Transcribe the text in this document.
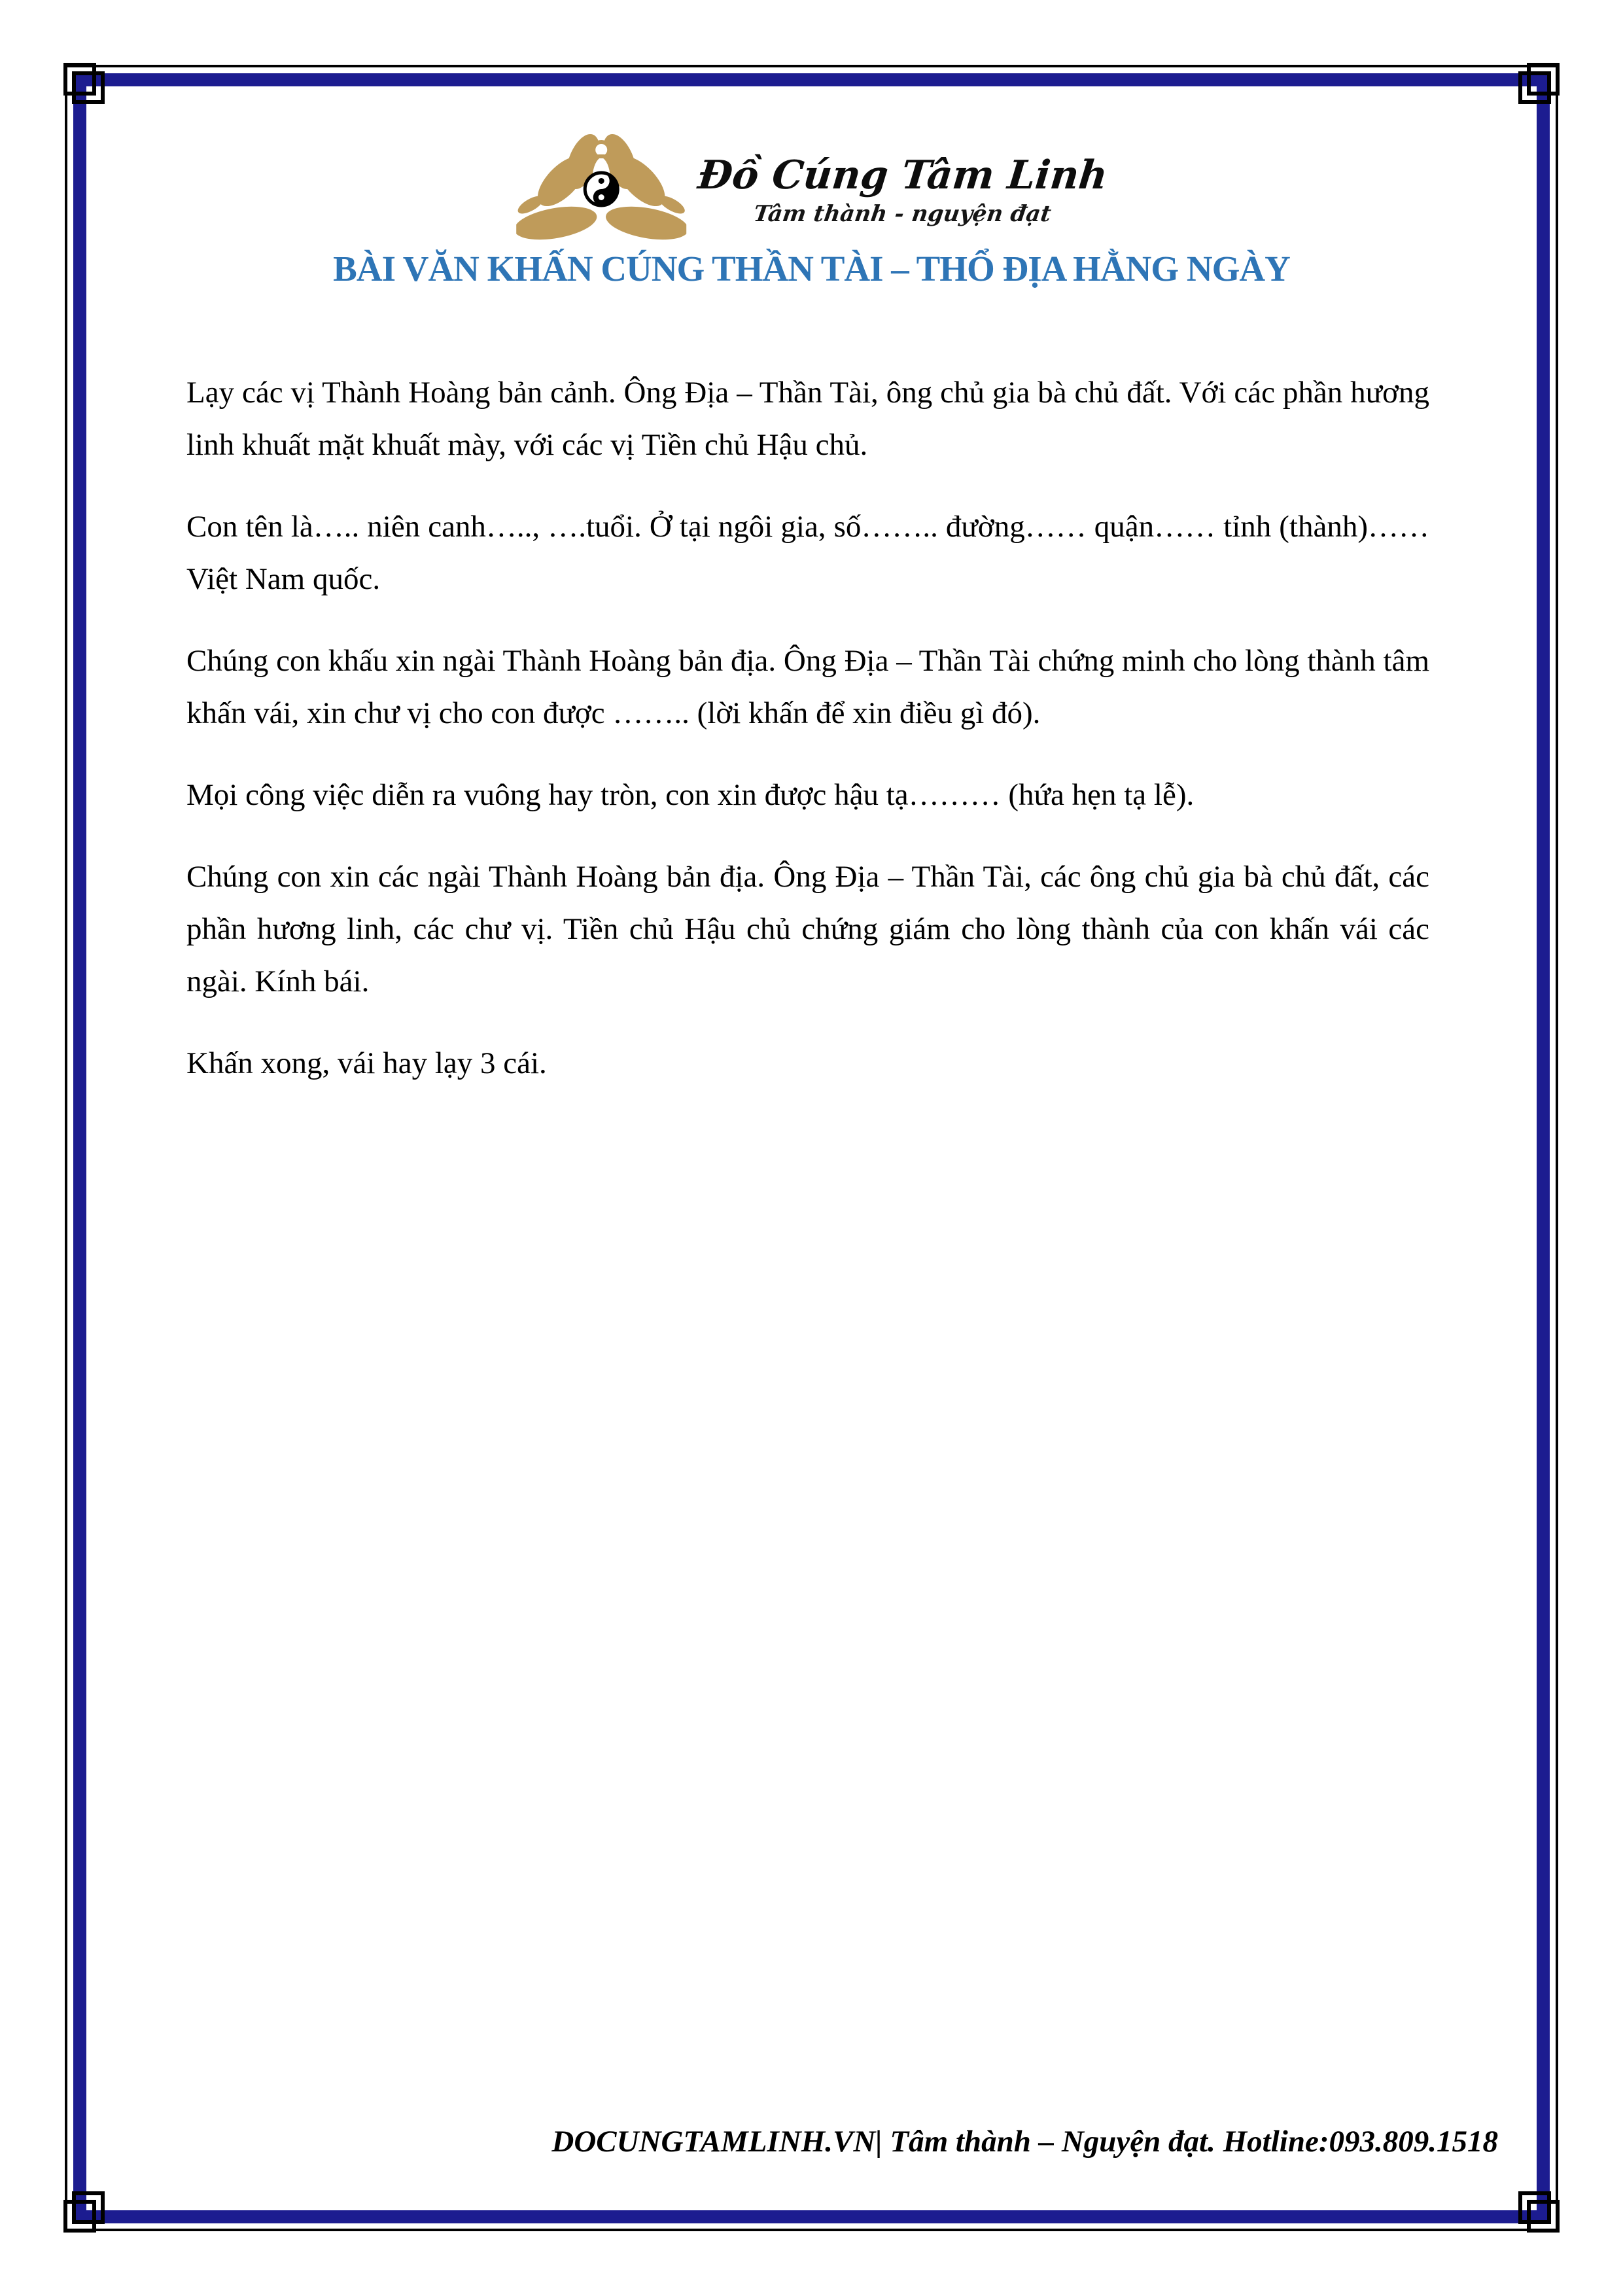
Đồ Cúng Tâm Linh
Tâm thành - nguyện đạt
BÀI VĂN KHẤN CÚNG THẦN TÀI – THỔ ĐỊA HẰNG NGÀY

Lạy các vị Thành Hoàng bản cảnh. Ông Địa – Thần Tài, ông chủ gia bà chủ đất. Với các phần hương linh khuất mặt khuất mày, với các vị Tiền chủ Hậu chủ.

Con tên là….. niên canh….., ….tuổi. Ở tại ngôi gia, số…….. đường…… quận…… tỉnh (thành)…… Việt Nam quốc.

Chúng con khấu xin ngài Thành Hoàng bản địa. Ông Địa – Thần Tài chứng minh cho lòng thành tâm khấn vái, xin chư vị cho con được …….. (lời khấn để xin điều gì đó).

Mọi công việc diễn ra vuông hay tròn, con xin được hậu tạ……… (hứa hẹn tạ lễ).

Chúng con xin các ngài Thành Hoàng bản địa. Ông Địa – Thần Tài, các ông chủ gia bà chủ đất, các phần hương linh, các chư vị. Tiền chủ Hậu chủ chứng giám cho lòng thành của con khấn vái các ngài. Kính bái.

Khấn xong, vái hay lạy 3 cái.

DOCUNGTAMLINH.VN| Tâm thành – Nguyện đạt. Hotline:093.809.1518
